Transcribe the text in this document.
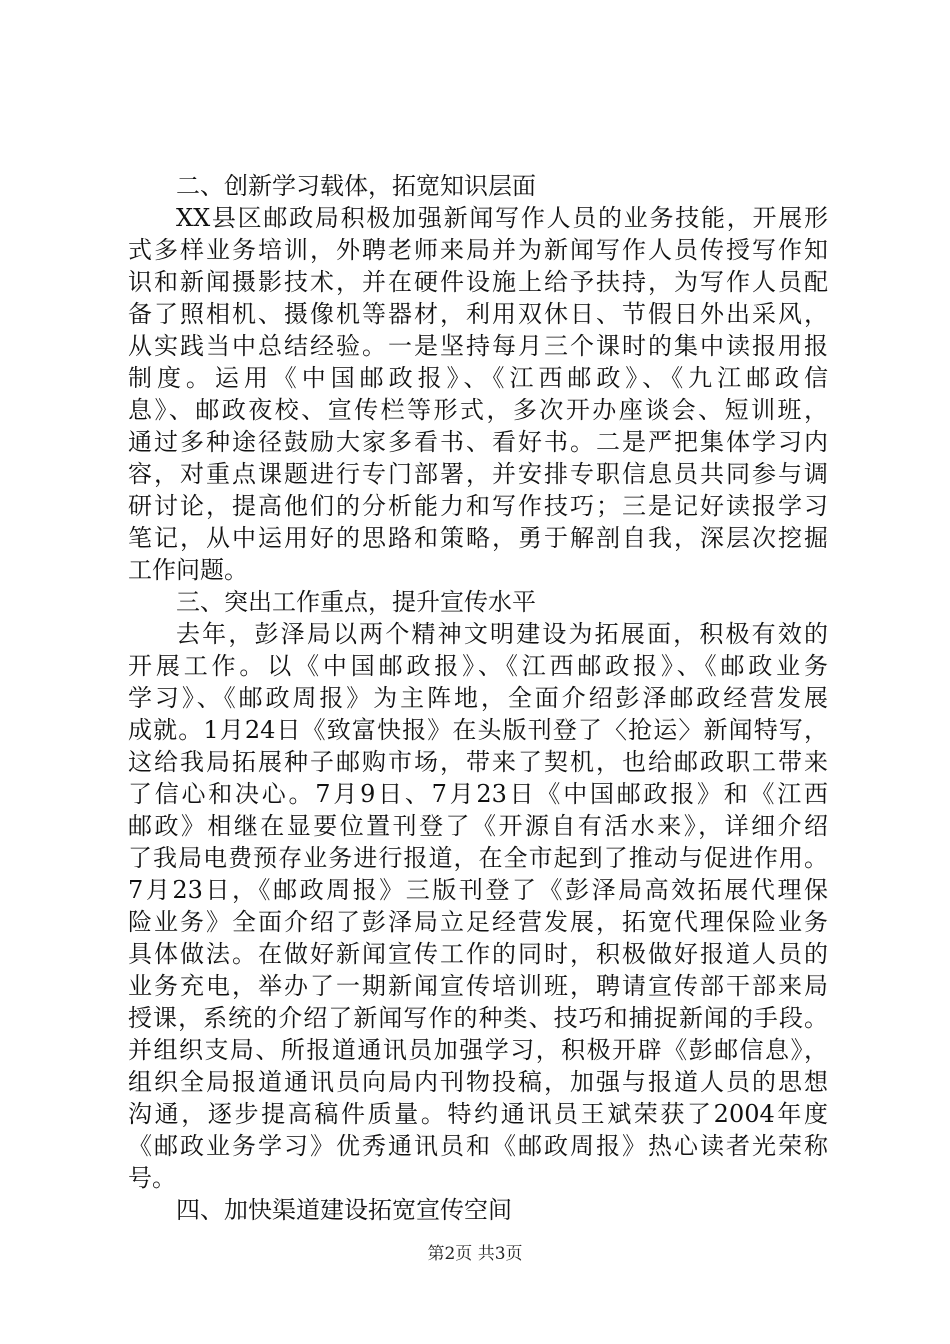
二、创新学习载体，拓宽知识层面
XX县区邮政局积极加强新闻写作人员的业务技能，开展形
式多样业务培训，外聘老师来局并为新闻写作人员传授写作知
识和新闻摄影技术，并在硬件设施上给予扶持，为写作人员配
备了照相机、摄像机等器材，利用双休日、节假日外出采风，
从实践当中总结经验。一是坚持每月三个课时的集中读报用报
制度。运用《中国邮政报》、《江西邮政》、《九江邮政信
息》、邮政夜校、宣传栏等形式，多次开办座谈会、短训班，
通过多种途径鼓励大家多看书、看好书。二是严把集体学习内
容，对重点课题进行专门部署，并安排专职信息员共同参与调
研讨论，提高他们的分析能力和写作技巧；三是记好读报学习
笔记，从中运用好的思路和策略，勇于解剖自我，深层次挖掘
工作问题。
三、突出工作重点，提升宣传水平
去年，彭泽局以两个精神文明建设为拓展面，积极有效的
开展工作。以《中国邮政报》、《江西邮政报》、《邮政业务
学习》、《邮政周报》为主阵地，全面介绍彭泽邮政经营发展
成就。1月24日《致富快报》在头版刊登了〈抢运〉新闻特写，
这给我局拓展种子邮购市场，带来了契机，也给邮政职工带来
了信心和决心。7月9日、7月23日《中国邮政报》和《江西
邮政》相继在显要位置刊登了《开源自有活水来》，详细介绍
了我局电费预存业务进行报道，在全市起到了推动与促进作用。
7月23日，《邮政周报》三版刊登了《彭泽局高效拓展代理保
险业务》全面介绍了彭泽局立足经营发展，拓宽代理保险业务
具体做法。在做好新闻宣传工作的同时，积极做好报道人员的
业务充电，举办了一期新闻宣传培训班，聘请宣传部干部来局
授课，系统的介绍了新闻写作的种类、技巧和捕捉新闻的手段。
并组织支局、所报道通讯员加强学习，积极开辟《彭邮信息》，
组织全局报道通讯员向局内刊物投稿，加强与报道人员的思想
沟通，逐步提高稿件质量。特约通讯员王斌荣获了2004年度
《邮政业务学习》优秀通讯员和《邮政周报》热心读者光荣称
号。
四、加快渠道建设拓宽宣传空间
第2页 共3页
